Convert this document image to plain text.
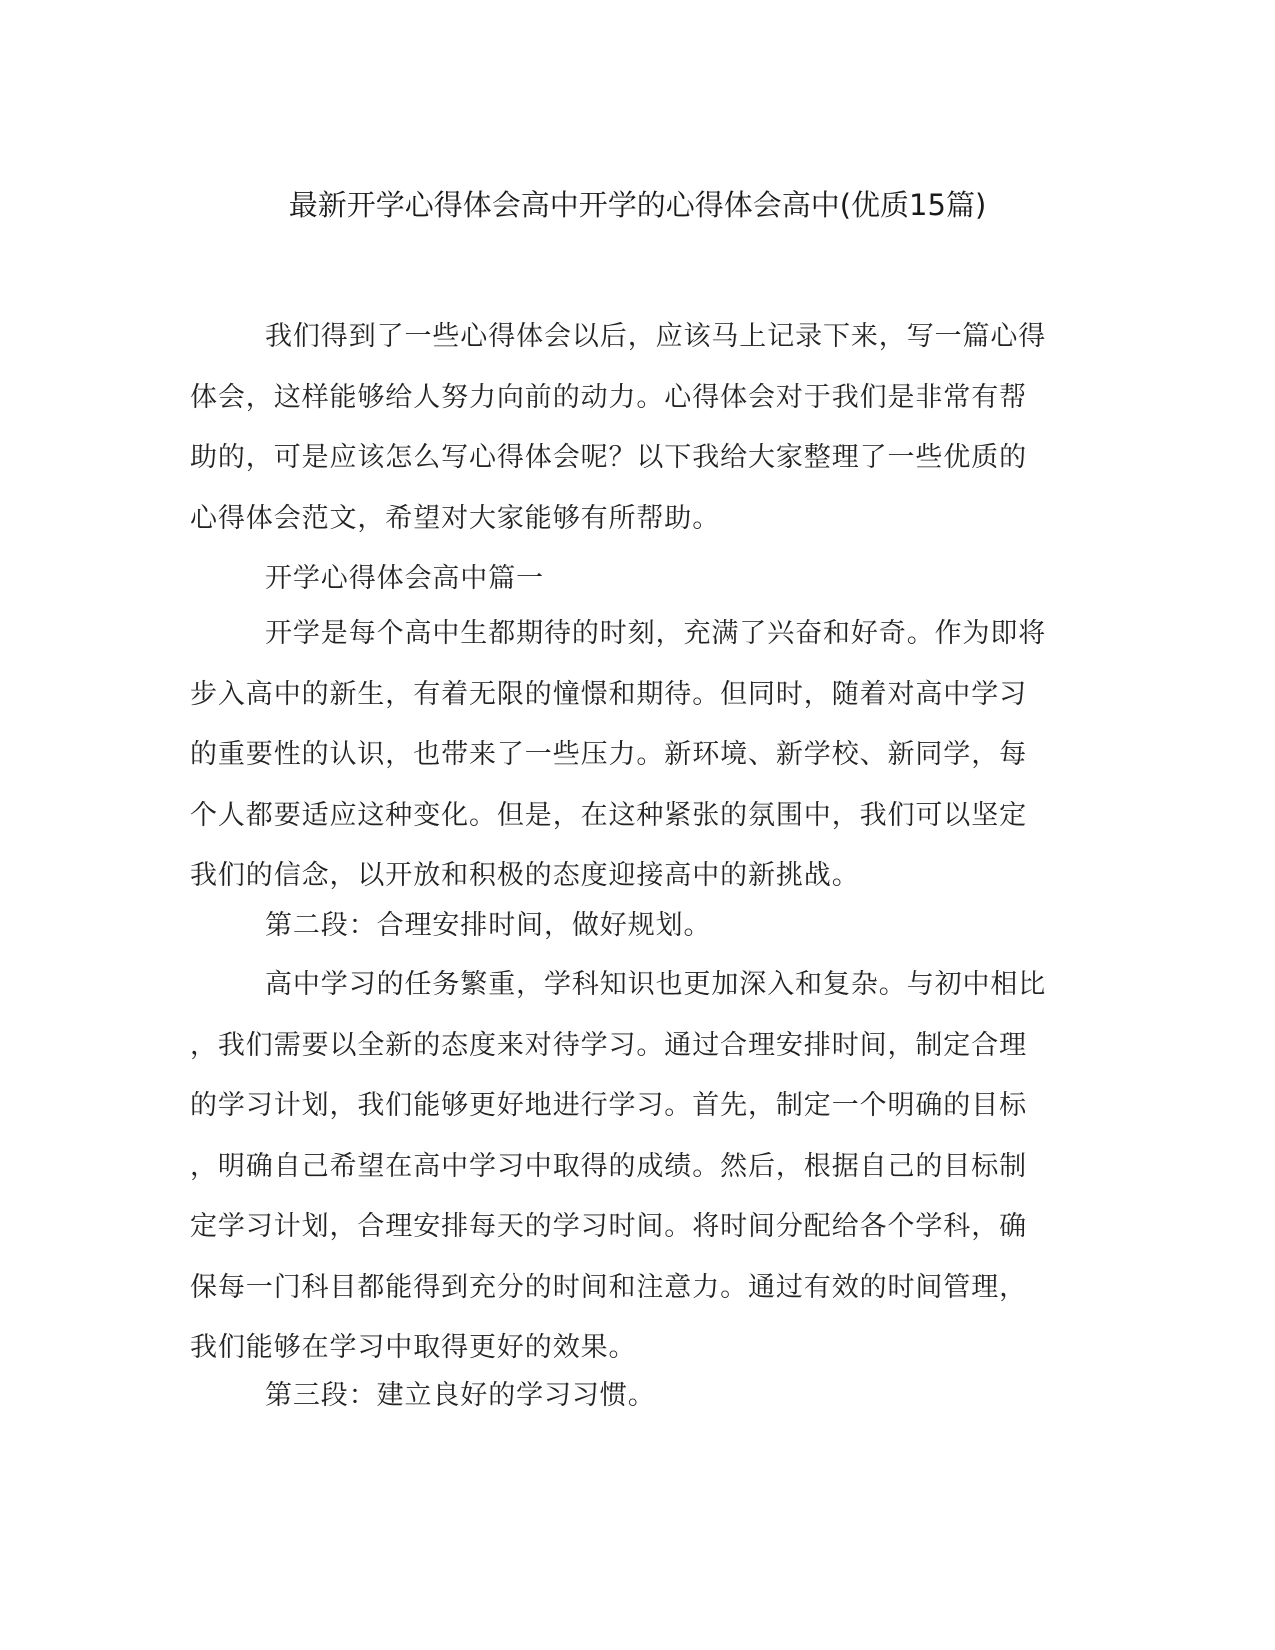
最新开学心得体会高中开学的心得体会高中(优质15篇)
我们得到了一些心得体会以后，应该马上记录下来，写一篇心得
体会，这样能够给人努力向前的动力。心得体会对于我们是非常有帮
助的，可是应该怎么写心得体会呢？以下我给大家整理了一些优质的
心得体会范文，希望对大家能够有所帮助。
开学心得体会高中篇一
开学是每个高中生都期待的时刻，充满了兴奋和好奇。作为即将
步入高中的新生，有着无限的憧憬和期待。但同时，随着对高中学习
的重要性的认识，也带来了一些压力。新环境、新学校、新同学，每
个人都要适应这种变化。但是，在这种紧张的氛围中，我们可以坚定
我们的信念，以开放和积极的态度迎接高中的新挑战。
第二段：合理安排时间，做好规划。
高中学习的任务繁重，学科知识也更加深入和复杂。与初中相比
，我们需要以全新的态度来对待学习。通过合理安排时间，制定合理
的学习计划，我们能够更好地进行学习。首先，制定一个明确的目标
，明确自己希望在高中学习中取得的成绩。然后，根据自己的目标制
定学习计划，合理安排每天的学习时间。将时间分配给各个学科，确
保每一门科目都能得到充分的时间和注意力。通过有效的时间管理，
我们能够在学习中取得更好的效果。
第三段：建立良好的学习习惯。
